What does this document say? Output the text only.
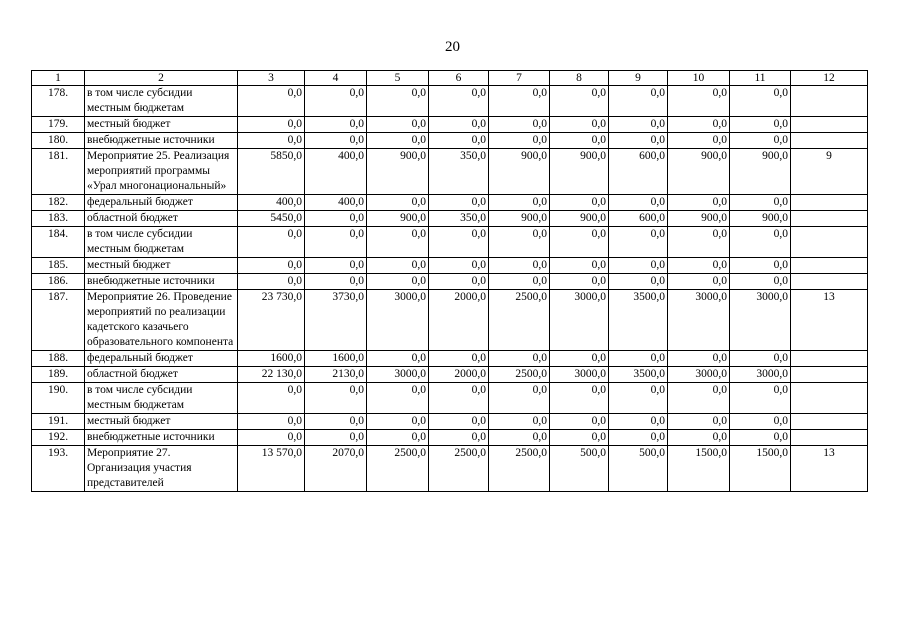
20
1	2	3	4	5	6	7	8	9	10	11	12
178.	в том числе субсидии местным бюджетам	0,0	0,0	0,0	0,0	0,0	0,0	0,0	0,0	0,0	
179.	местный бюджет	0,0	0,0	0,0	0,0	0,0	0,0	0,0	0,0	0,0	
180.	внебюджетные источники	0,0	0,0	0,0	0,0	0,0	0,0	0,0	0,0	0,0	
181.	Мероприятие 25. Реализация мероприятий программы «Урал многонациональный»	5850,0	400,0	900,0	350,0	900,0	900,0	600,0	900,0	900,0	9
182.	федеральный бюджет	400,0	400,0	0,0	0,0	0,0	0,0	0,0	0,0	0,0	
183.	областной бюджет	5450,0	0,0	900,0	350,0	900,0	900,0	600,0	900,0	900,0	
184.	в том числе субсидии местным бюджетам	0,0	0,0	0,0	0,0	0,0	0,0	0,0	0,0	0,0	
185.	местный бюджет	0,0	0,0	0,0	0,0	0,0	0,0	0,0	0,0	0,0	
186.	внебюджетные источники	0,0	0,0	0,0	0,0	0,0	0,0	0,0	0,0	0,0	
187.	Мероприятие 26. Проведение мероприятий по реализации кадетского казачьего образовательного компонента	23 730,0	3730,0	3000,0	2000,0	2500,0	3000,0	3500,0	3000,0	3000,0	13
188.	федеральный бюджет	1600,0	1600,0	0,0	0,0	0,0	0,0	0,0	0,0	0,0	
189.	областной бюджет	22 130,0	2130,0	3000,0	2000,0	2500,0	3000,0	3500,0	3000,0	3000,0	
190.	в том числе субсидии местным бюджетам	0,0	0,0	0,0	0,0	0,0	0,0	0,0	0,0	0,0	
191.	местный бюджет	0,0	0,0	0,0	0,0	0,0	0,0	0,0	0,0	0,0	
192.	внебюджетные источники	0,0	0,0	0,0	0,0	0,0	0,0	0,0	0,0	0,0	
193.	Мероприятие 27. Организация участия представителей	13 570,0	2070,0	2500,0	2500,0	2500,0	500,0	500,0	1500,0	1500,0	13
